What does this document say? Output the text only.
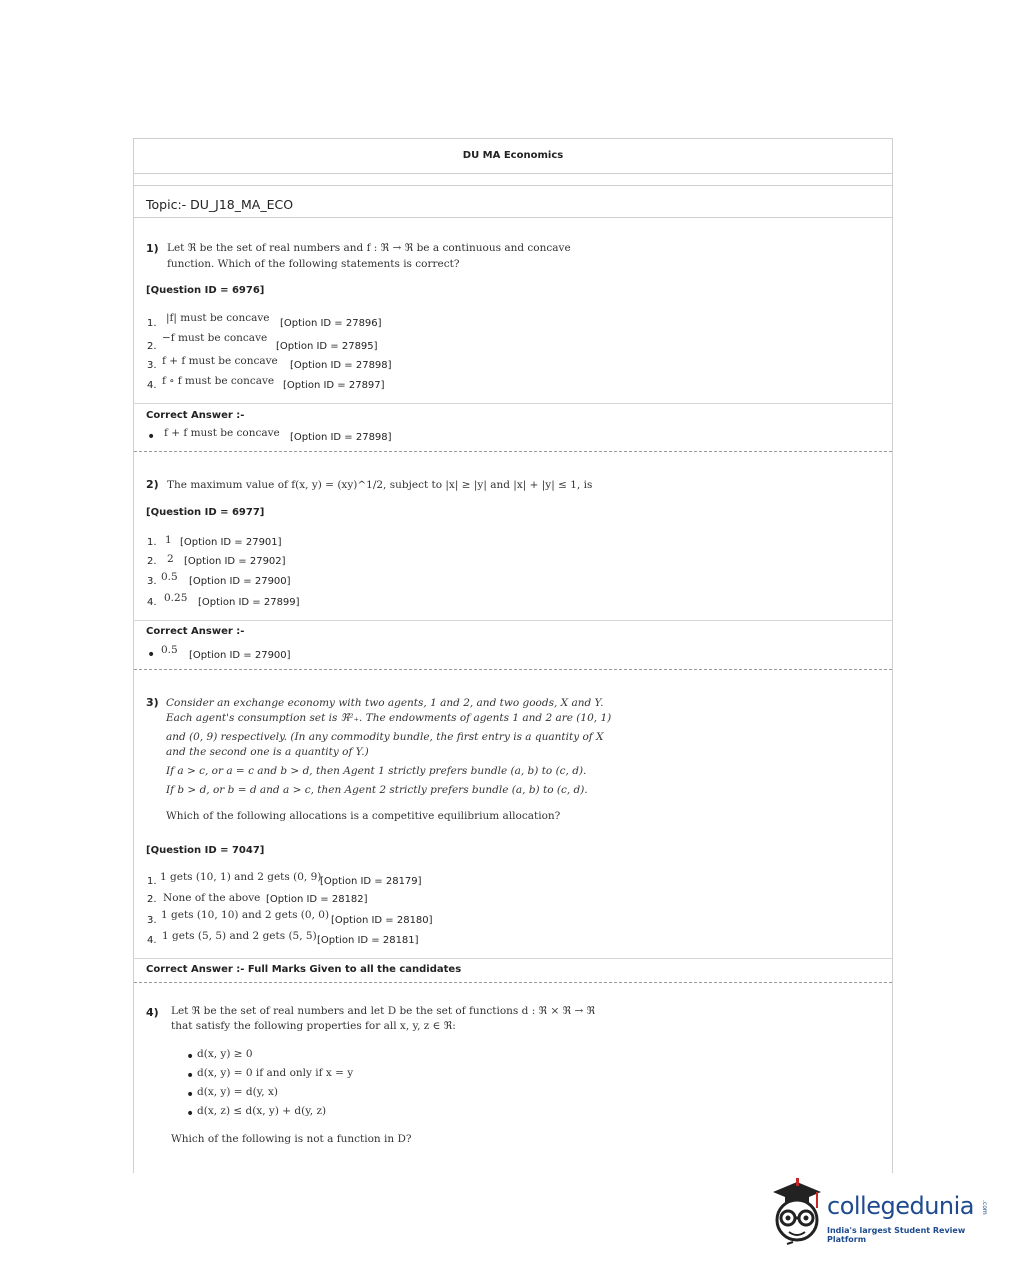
DU MA Economics
Topic:- DU_J18_MA_ECO
1) Let ℜ be the set of real numbers and f : ℜ → ℜ be a continuous and concave
function. Which of the following statements is correct?
[Question ID = 6976]
1. |f| must be concave [Option ID = 27896]
2.
−f must be concave
[Option ID = 27895]
3. f + f must be concave [Option ID = 27898]
4. f ∘ f must be concave [Option ID = 27897]
Correct Answer :-
• f + f must be concave [Option ID = 27898]
2) The maximum value of f(x, y) = (xy)^1/2, subject to |x| ≥ |y| and |x| + |y| ≤ 1, is
[Question ID = 6977]
1. 1 [Option ID = 27901]
2. 2 [Option ID = 27902]
3. 0.5 [Option ID = 27900]
4. 0.25 [Option ID = 27899]
Correct Answer :-
• 0.5 [Option ID = 27900]
3) Consider an exchange economy with two agents, 1 and 2, and two goods, X and Y.
Each agent's consumption set is ℜ²₊. The endowments of agents 1 and 2 are (10, 1)
and (0, 9) respectively. (In any commodity bundle, the first entry is a quantity of X
and the second one is a quantity of Y.)
If a > c, or a = c and b > d, then Agent 1 strictly prefers bundle (a, b) to (c, d).
If b > d, or b = d and a > c, then Agent 2 strictly prefers bundle (a, b) to (c, d).
Which of the following allocations is a competitive equilibrium allocation?
[Question ID = 7047]
1. 1 gets (10, 1) and 2 gets (0, 9)
[Option ID = 28179]
2. None of the above [Option ID = 28182]
3. 1 gets (10, 10) and 2 gets (0, 0) [Option ID = 28180]
4. 1 gets (5, 5) and 2 gets (5, 5) [Option ID = 28181]
Correct Answer :- Full Marks Given to all the candidates
4) Let ℜ be the set of real numbers and let D be the set of functions d : ℜ × ℜ → ℜ
that satisfy the following properties for all x, y, z ∈ ℜ:
• d(x, y) ≥ 0
• d(x, y) = 0 if and only if x = y
• d(x, y) = d(y, x)
• d(x, z) ≤ d(x, y) + d(y, z)
Which of the following is not a function in D?
collegedunia .com
India's largest Student Review Platform
